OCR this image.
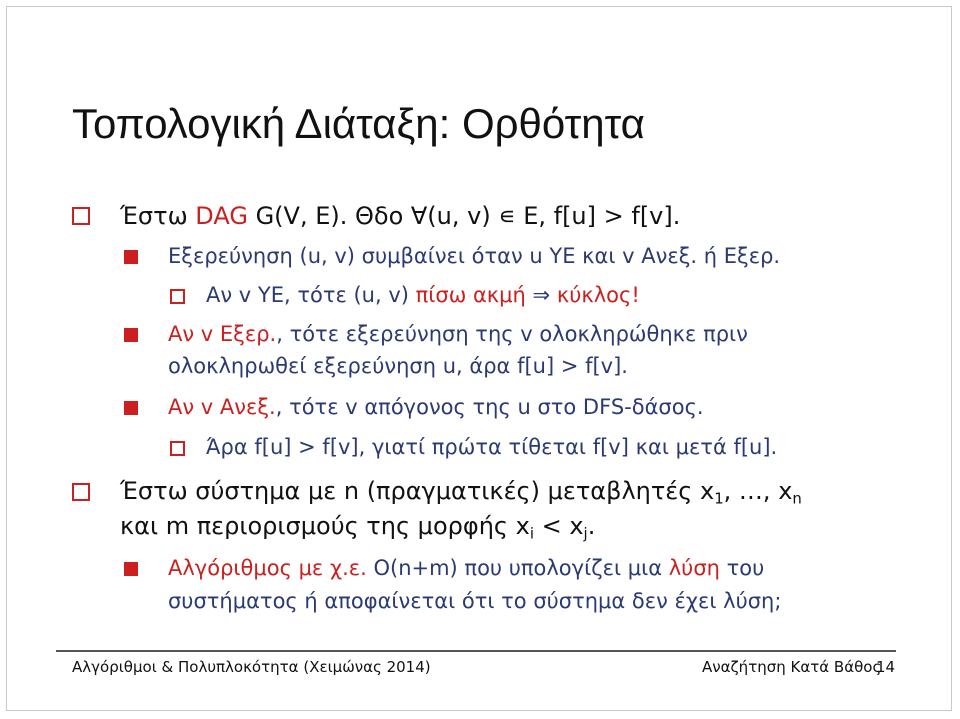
Τοπολογική Διάταξη: Ορθότητα
Έστω DAG G(V, E). Θδο ∀(u, v) ∊ E, f[u] > f[v].
Εξερεύνηση (u, v) συμβαίνει όταν u ΥΕ και v Ανεξ. ή Εξερ.
Αν v ΥΕ, τότε (u, v) πίσω ακμή ⇒ κύκλος!
Αν v Εξερ., τότε εξερεύνηση της v ολοκληρώθηκε πριν
ολοκληρωθεί εξερεύνηση u, άρα f[u] > f[v].
Αν v Ανεξ., τότε v απόγονος της u στο DFS-δάσος.
Άρα f[u] > f[v], γιατί πρώτα τίθεται f[v] και μετά f[u].
Έστω σύστημα με n (πραγματικές) μεταβλητές $x_1$, …, $x_n$
και m περιορισμούς της μορφής $x_i < x_j$.
Αλγόριθμος με χ.ε. O(n+m) που υπολογίζει μια λύση του
συστήματος ή αποφαίνεται ότι το σύστημα δεν έχει λύση;
Αλγόριθμοι & Πολυπλοκότητα (Χειμώνας 2014)	Αναζήτηση Κατά Βάθος
14
